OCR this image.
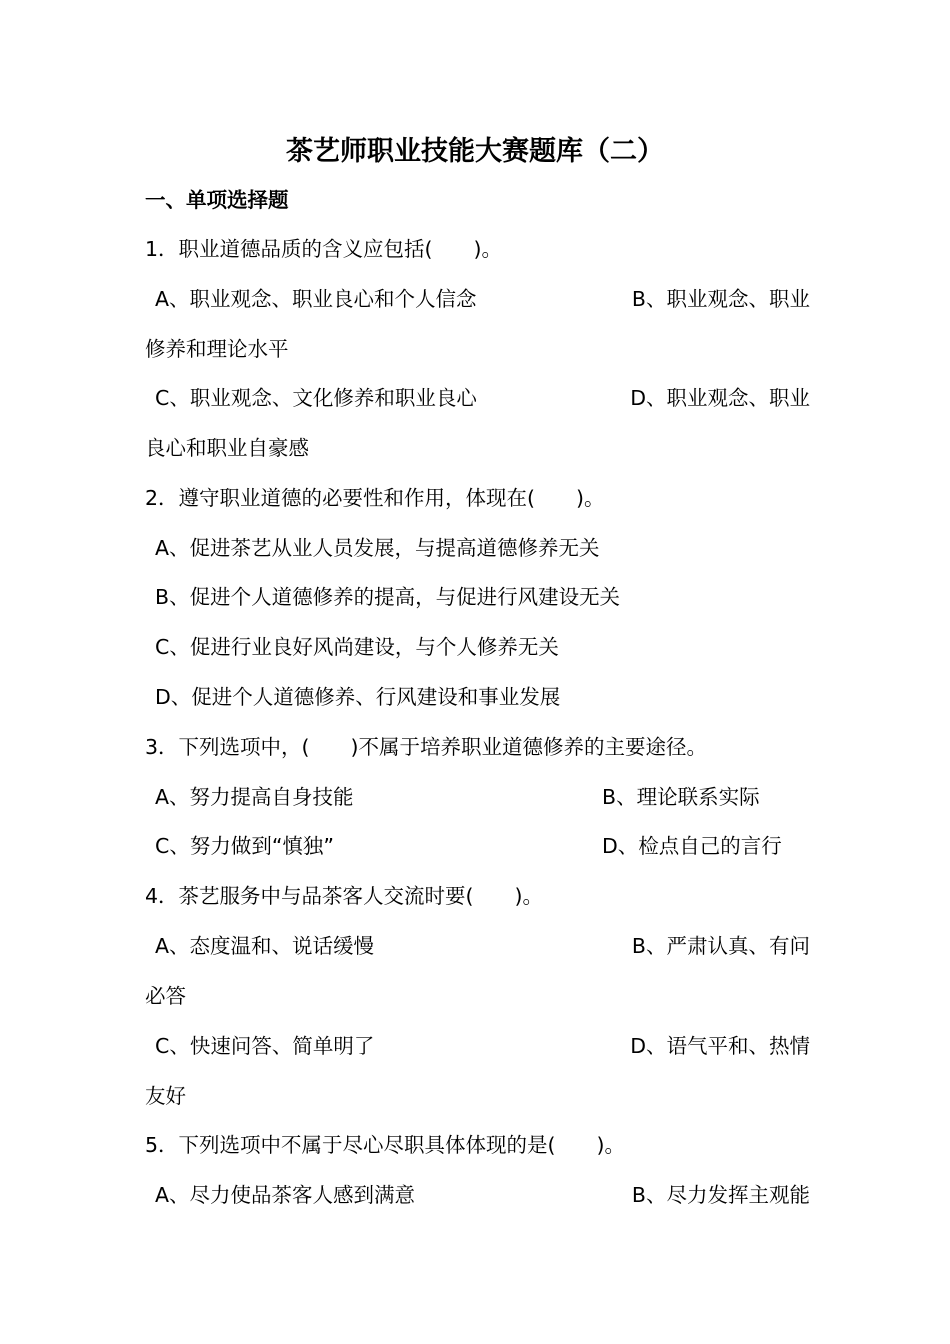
茶艺师职业技能大赛题库（二）
一、单项选择题
1．职业道德品质的含义应包括(　　)。
A、职业观念、职业良心和个人信念	B、职业观念、职业
修养和理论水平
C、职业观念、文化修养和职业良心	D、职业观念、职业
良心和职业自豪感
2．遵守职业道德的必要性和作用，体现在(　　)。
A、促进茶艺从业人员发展，与提高道德修养无关
B、促进个人道德修养的提高，与促进行风建设无关
C、促进行业良好风尚建设，与个人修养无关
D、促进个人道德修养、行风建设和事业发展
3．下列选项中，(　　)不属于培养职业道德修养的主要途径。
A、努力提高自身技能	B、理论联系实际
C、努力做到“慎独”	D、检点自己的言行
4．茶艺服务中与品茶客人交流时要(　　)。
A、态度温和、说话缓慢	B、严肃认真、有问
必答
C、快速问答、简单明了	D、语气平和、热情
友好
5．下列选项中不属于尽心尽职具体体现的是(　　)。
A、尽力使品茶客人感到满意	B、尽力发挥主观能
